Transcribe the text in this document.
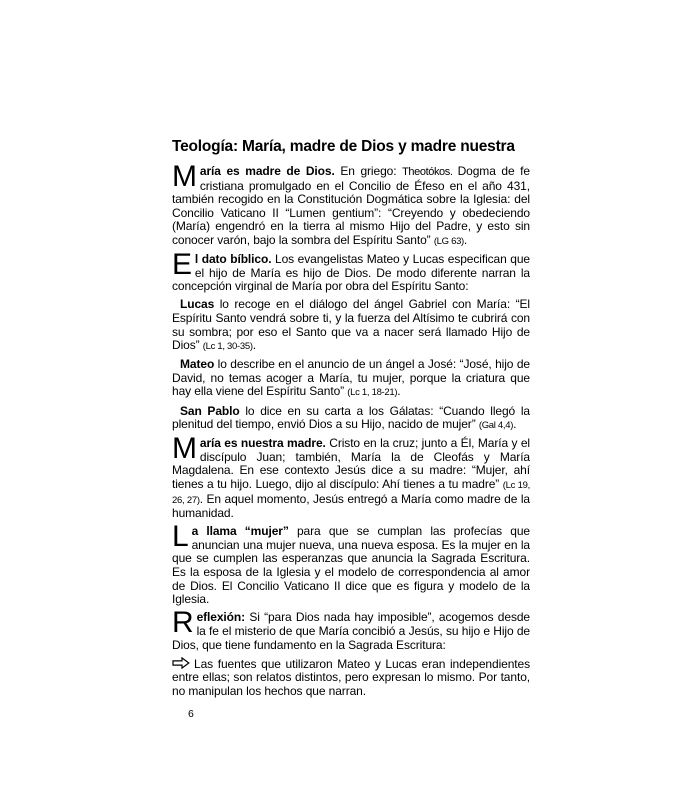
Teología: María, madre de Dios y madre nuestra

María es madre de Dios. En griego: Theotókos. Dogma de fe cristiana promulgado en el Concilio de Éfeso en el año 431, también recogido en la Constitución Dogmática sobre la Iglesia: del Concilio Vaticano II “Lumen gentium”: “Creyendo y obedeciendo (María) engendró en la tierra al mismo Hijo del Padre, y esto sin conocer varón, bajo la sombra del Espíritu Santo” (LG 63).

El dato bíblico. Los evangelistas Mateo y Lucas especifican que el hijo de María es hijo de Dios. De modo diferente narran la concepción virginal de María por obra del Espíritu Santo:

Lucas lo recoge en el diálogo del ángel Gabriel con María: “El Espíritu Santo vendrá sobre ti, y la fuerza del Altísimo te cubrirá con su sombra; por eso el Santo que va a nacer será llamado Hijo de Dios” (Lc 1, 30-35).

Mateo lo describe en el anuncio de un ángel a José: “José, hijo de David, no temas acoger a María, tu mujer, porque la criatura que hay ella viene del Espíritu Santo” (Lc 1, 18-21).

San Pablo lo dice en su carta a los Gálatas: “Cuando llegó la plenitud del tiempo, envió Dios a su Hijo, nacido de mujer” (Gal 4,4).

María es nuestra madre. Cristo en la cruz; junto a Él, María y el discípulo Juan; también, María la de Cleofás y María Magdalena. En ese contexto Jesús dice a su madre: “Mujer, ahí tienes a tu hijo. Luego, dijo al discípulo: Ahí tienes a tu madre” (Lc 19, 26, 27). En aquel momento, Jesús entregó a María como madre de la humanidad.

La llama “mujer” para que se cumplan las profecías que anuncian una mujer nueva, una nueva esposa. Es la mujer en la que se cumplen las esperanzas que anuncia la Sagrada Escritura. Es la esposa de la Iglesia y el modelo de correspondencia al amor de Dios. El Concilio Vaticano II dice que es figura y modelo de la Iglesia.

Reflexión: Si “para Dios nada hay imposible”, acogemos desde la fe el misterio de que María concibió a Jesús, su hijo e Hijo de Dios, que tiene fundamento en la Sagrada Escritura:

Las fuentes que utilizaron Mateo y Lucas eran independientes entre ellas; son relatos distintos, pero expresan lo mismo. Por tanto, no manipulan los hechos que narran.

6
